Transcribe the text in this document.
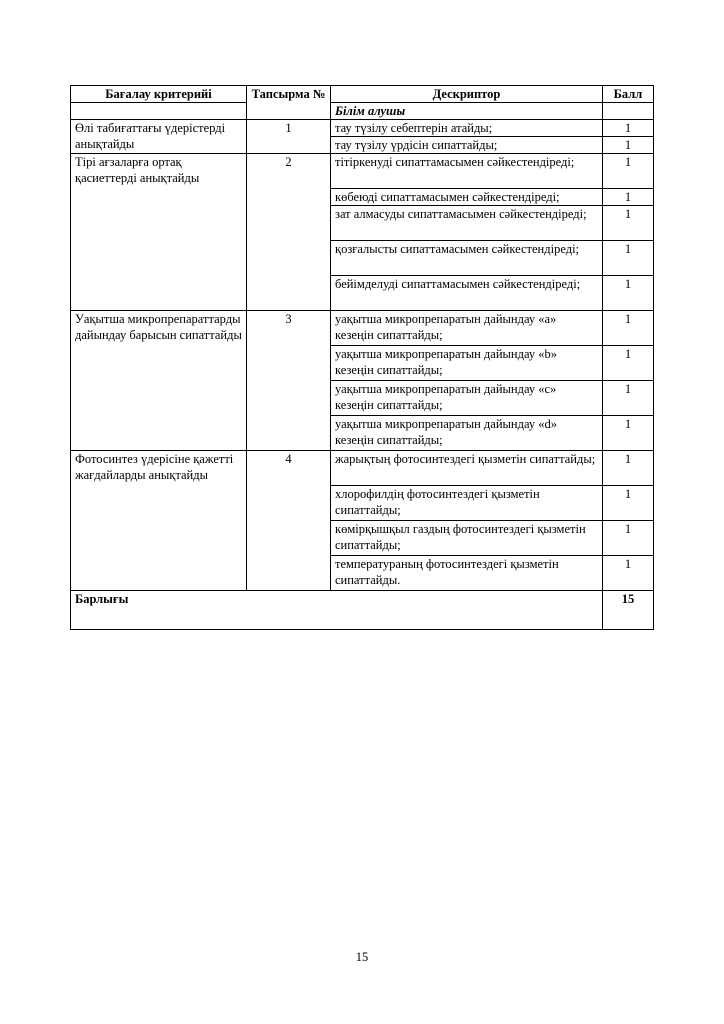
Бағалау критерийі	Тапсырма №	Дескриптор	Балл
		Білім алушы	
Өлі табиғаттағы үдерістерді анықтайды	1	тау түзілу себептерін атайды;	1
		тау түзілу үрдісін сипаттайды;	1
Тірі ағзаларға ортақ қасиеттерді анықтайды	2	тітіркенуді сипаттамасымен сәйкестендіреді;	1
		көбеюді сипаттамасымен сәйкестендіреді;	1
		зат алмасуды сипаттамасымен сәйкестендіреді;	1
		қозғалысты сипаттамасымен сәйкестендіреді;	1
		бейімделуді сипаттамасымен сәйкестендіреді;	1
Уақытша микропрепараттарды дайындау барысын сипаттайды	3	уақытша микропрепаратын дайындау «a» кезеңін сипаттайды;	1
		уақытша микропрепаратын дайындау «b» кезеңін сипаттайды;	1
		уақытша микропрепаратын дайындау «c» кезеңін сипаттайды;	1
		уақытша микропрепаратын дайындау «d» кезеңін сипаттайды;	1
Фотосинтез үдерісіне қажетті жағдайларды анықтайды	4	жарықтың фотосинтездегі қызметін сипаттайды;	1
		хлорофилдің фотосинтездегі қызметін сипаттайды;	1
		көмірқышқыл газдың фотосинтездегі қызметін сипаттайды;	1
		температураның фотосинтездегі қызметін сипаттайды.	1
Барлығы			15
15
